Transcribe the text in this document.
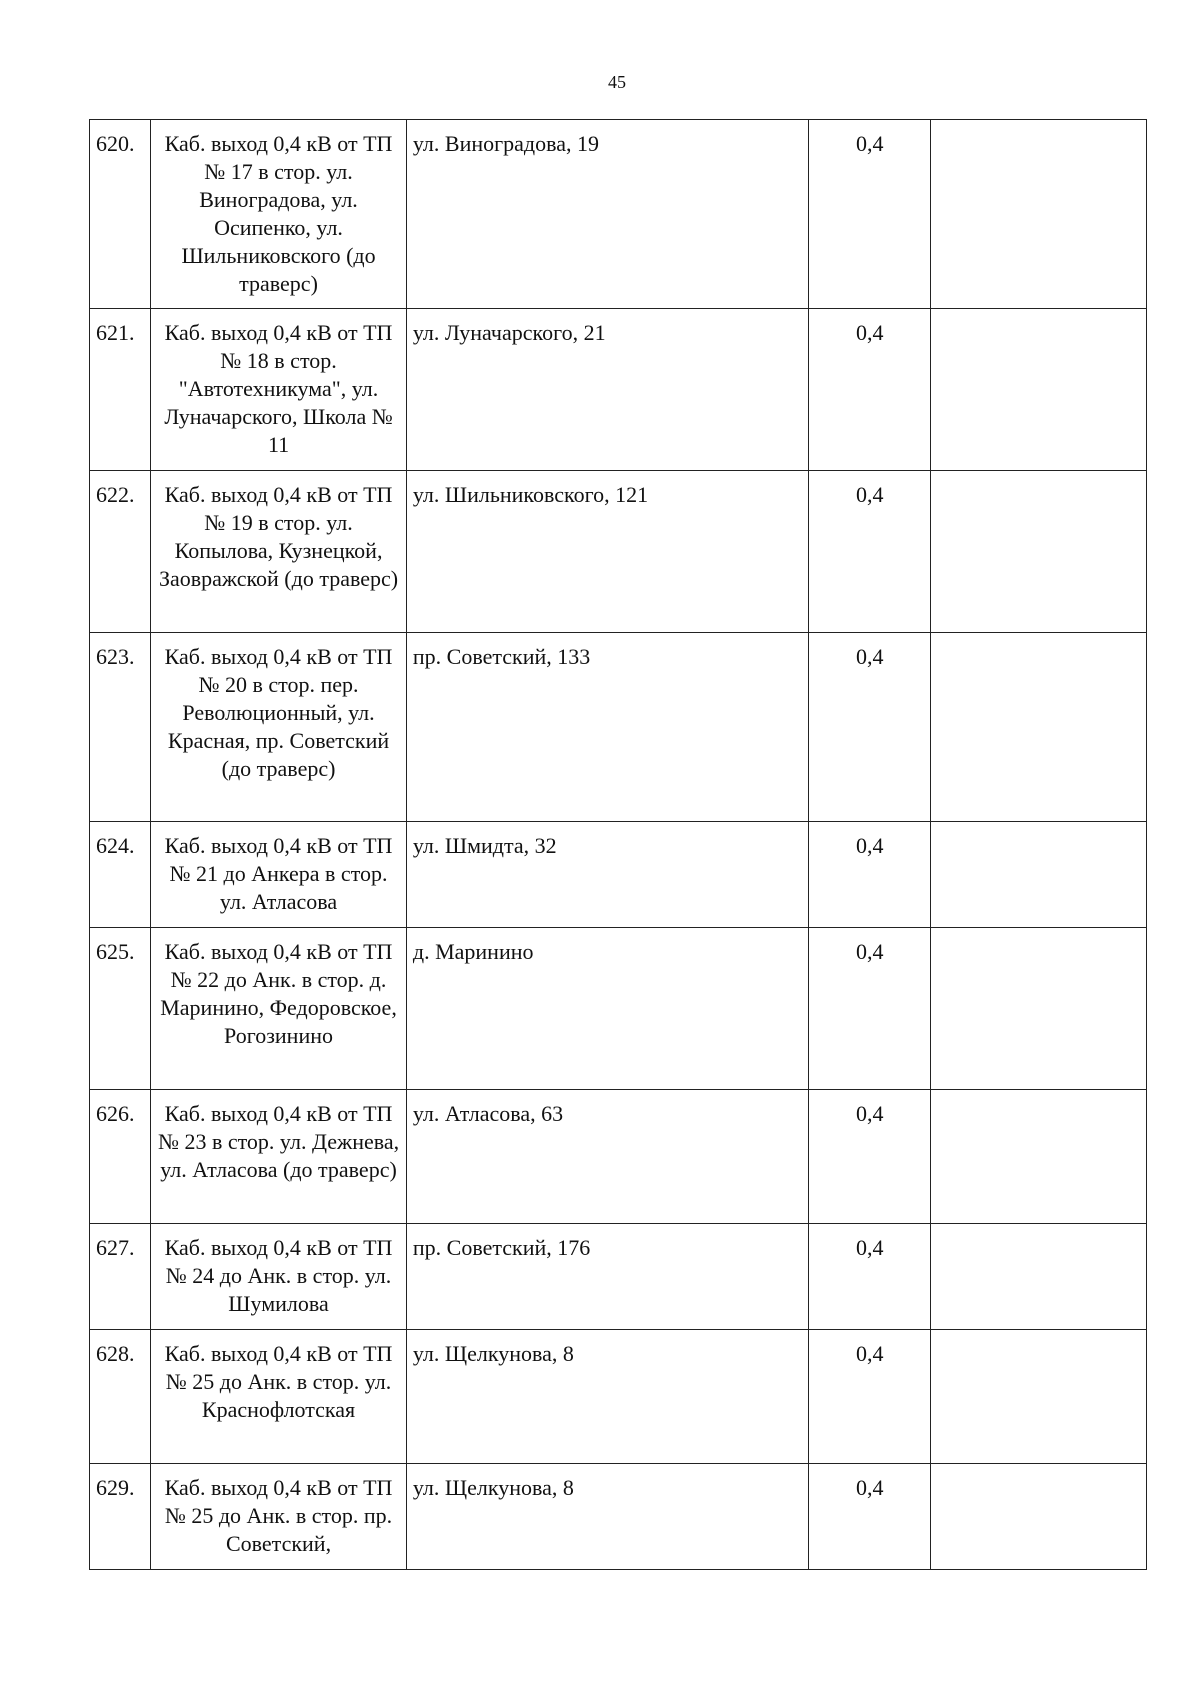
45
620.	Каб. выход 0,4 кВ от ТП № 17 в стор. ул. Виноградова, ул. Осипенко, ул. Шильниковского (до траверс)	ул. Виноградова, 19	0,4	
621.	Каб. выход 0,4 кВ от ТП № 18 в стор. "Автотехникума", ул. Луначарского, Школа № 11	ул. Луначарского, 21	0,4	
622.	Каб. выход 0,4 кВ от ТП № 19 в стор. ул. Копылова, Кузнецкой, Заовражской (до траверс)	ул. Шильниковского, 121	0,4	
623.	Каб. выход 0,4 кВ от ТП № 20 в стор. пер. Революционный, ул. Красная, пр. Советский (до траверс)	пр. Советский, 133	0,4	
624.	Каб. выход 0,4 кВ от ТП № 21 до Анкера в стор. ул. Атласова	ул. Шмидта, 32	0,4	
625.	Каб. выход 0,4 кВ от ТП № 22 до Анк. в стор. д. Маринино, Федоровское, Рогозинино	д. Маринино	0,4	
626.	Каб. выход 0,4 кВ от ТП № 23 в стор. ул. Дежнева, ул. Атласова (до траверс)	ул. Атласова, 63	0,4	
627.	Каб. выход 0,4 кВ от ТП № 24 до Анк. в стор. ул. Шумилова	пр. Советский, 176	0,4	
628.	Каб. выход 0,4 кВ от ТП № 25 до Анк. в стор. ул. Краснофлотская	ул. Щелкунова, 8	0,4	
629.	Каб. выход 0,4 кВ от ТП № 25 до Анк. в стор. пр. Советский,	ул. Щелкунова, 8	0,4	
